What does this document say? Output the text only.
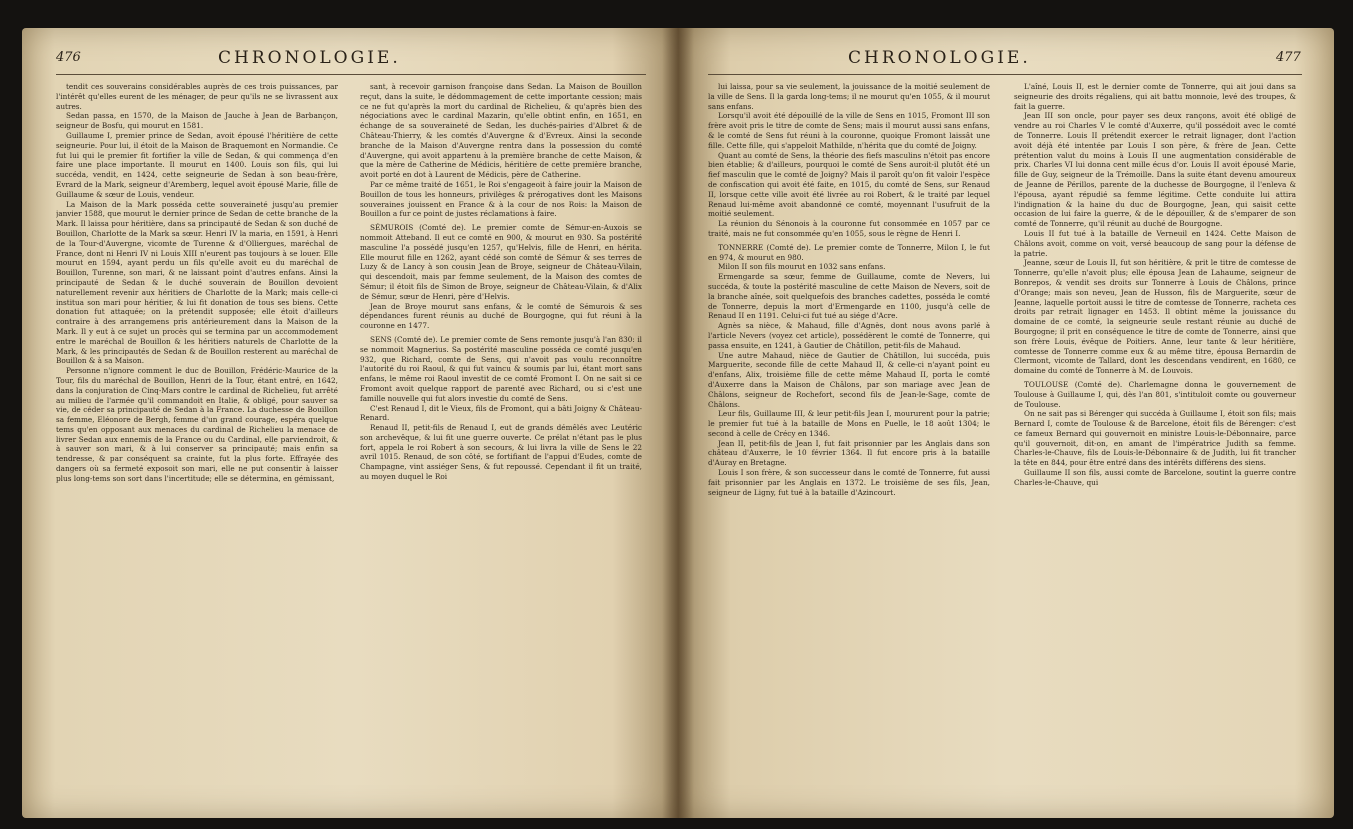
476	CHRONOLOGIE.

tendit ces souverains considérables auprès de ces trois puissances, par l'intérêt qu'elles eurent de les ménager, de peur qu'ils ne se livrassent aux autres.

Sedan passa, en 1570, de la Maison de Jauche à Jean de Barbançon, seigneur de Bosfu, qui mourut en 1581.

Guillaume I, premier prince de Sedan, avoit épousé l'héritière de cette seigneurie. Pour lui, il étoit de la Maison de Braquemont en Normandie. Ce fut lui qui le premier fit fortifier la ville de Sedan, & qui commença d'en faire une place importante. Il mourut en 1400. Louis son fils, qui lui succéda, vendit, en 1424, cette seigneurie de Sedan à son beau-frère, Evrard de la Mark, seigneur d'Aremberg, lequel avoit épousé Marie, fille de Guillaume & sœur de Louis, vendeur.

La Maison de la Mark posséda cette souveraineté jusqu'au premier janvier 1588, que mourut le dernier prince de Sedan de cette branche de la Mark. Il laissa pour héritière, dans sa principauté de Sedan & son duché de Bouillon, Charlotte de la Mark sa sœur. Henri IV la maria, en 1591, à Henri de la Tour-d'Auvergne, vicomte de Turenne & d'Olliergues, maréchal de France, dont ni Henri IV ni Louis XIII n'eurent pas toujours à se louer. Elle mourut en 1594, ayant perdu un fils qu'elle avoit eu du maréchal de Bouillon, Turenne, son mari, & ne laissant point d'autres enfans. Ainsi la principauté de Sedan & le duché souverain de Bouillon devoient naturellement revenir aux héritiers de Charlotte de la Mark; mais celle-ci institua son mari pour héritier, & lui fit donation de tous ses biens. Cette donation fut attaquée; on la prétendit supposée; elle étoit d'ailleurs contraire à des arrangemens pris antérieurement dans la Maison de la Mark. Il y eut à ce sujet un procès qui se termina par un accommodement entre le maréchal de Bouillon & les héritiers naturels de Charlotte de la Mark, & les principautés de Sedan & de Bouillon resterent au maréchal de Bouillon & à sa Maison.

Personne n'ignore comment le duc de Bouillon, Frédéric-Maurice de la Tour, fils du maréchal de Bouillon, Henri de la Tour, étant entré, en 1642, dans la conjuration de Cinq-Mars contre le cardinal de Richelieu, fut arrêté au milieu de l'armée qu'il commandoit en Italie, & obligé, pour sauver sa vie, de céder sa principauté de Sedan à la France. La duchesse de Bouillon sa femme, Eléonore de Bergh, femme d'un grand courage, espéra quelque tems qu'en opposant aux menaces du cardinal de Richelieu la menace de livrer Sedan aux ennemis de la France ou du Cardinal, elle parviendroit, & à sauver son mari, & à lui conserver sa principauté; mais enfin sa tendresse, & par conséquent sa crainte, fut la plus forte. Effrayée des dangers où sa fermeté exposoit son mari, elle ne put consentir à laisser plus long-tems son sort dans l'incertitude; elle se détermina, en gémissant,

sant, à recevoir garnison françoise dans Sedan. La Maison de Bouillon reçut, dans la suite, le dédommagement de cette importante cession; mais ce ne fut qu'après la mort du cardinal de Richelieu, & qu'après bien des négociations avec le cardinal Mazarin, qu'elle obtint enfin, en 1651, en échange de sa souveraineté de Sedan, les duchés-pairies d'Albret & de Château-Thierry, & les comtés d'Auvergne & d'Evreux. Ainsi la seconde branche de la Maison d'Auvergne rentra dans la possession du comté d'Auvergne, qui avoit appartenu à la première branche de cette Maison, & que la mère de Catherine de Médicis, héritière de cette première branche, avoit porté en dot à Laurent de Médicis, père de Catherine.

Par ce même traité de 1651, le Roi s'engageoit à faire jouir la Maison de Bouillon de tous les honneurs, privilèges & prérogatives dont les Maisons souveraines jouissent en France & à la cour de nos Rois: la Maison de Bouillon a fur ce point de justes réclamations à faire.

SÉMUROIS (Comté de). Le premier comte de Sémur-en-Auxois se nommoit Atteband. Il eut ce comté en 900, & mourut en 930. Sa postérité masculine l'a possédé jusqu'en 1257, qu'Helvis, fille de Henri, en hérita. Elle mourut fille en 1262, ayant cédé son comté de Sémur & ses terres de Luzy & de Lancy à son cousin Jean de Broye, seigneur de Château-Vilain, qui descendoit, mais par femme seulement, de la Maison des comtes de Sémur; il étoit fils de Simon de Broye, seigneur de Château-Vilain, & d'Alix de Sémur, sœur de Henri, père d'Helvis.

Jean de Broye mourut sans enfans, & le comté de Sémurois & ses dépendances furent réunis au duché de Bourgogne, qui fut réuni à la couronne en 1477.

SENS (Comté de). Le premier comte de Sens remonte jusqu'à l'an 830: il se nommoit Magnerius. Sa postérité masculine posséda ce comté jusqu'en 932, que Richard, comte de Sens, qui n'avoit pas voulu reconnoître l'autorité du roi Raoul, & qui fut vaincu & soumis par lui, étant mort sans enfans, le même roi Raoul investit de ce comté Fromont I. On ne sait si ce Fromont avoit quelque rapport de parenté avec Richard, ou si c'est une famille nouvelle qui fut alors investie du comté de Sens.

C'est Renaud I, dit le Vieux, fils de Fromont, qui a bâti Joigny & Château-Renard.

Renaud II, petit-fils de Renaud I, eut de grands démêlés avec Leutéric son archevêque, & lui fit une guerre ouverte. Ce prélat n'étant pas le plus fort, appela le roi Robert à son secours, & lui livra la ville de Sens le 22 avril 1015. Renaud, de son côté, se fortifiant de l'appui d'Eudes, comte de Champagne, vint assiéger Sens, & fut repoussé. Cependant il fit un traité, au moyen duquel le Roi

CHRONOLOGIE.	477

lui laissa, pour sa vie seulement, la jouissance de la moitié seulement de la ville de Sens. Il la garda long-tems; il ne mourut qu'en 1055, & il mourut sans enfans.

Lorsqu'il avoit été dépouillé de la ville de Sens en 1015, Fromont III son frère avoit pris le titre de comte de Sens; mais il mourut aussi sans enfans, & le comté de Sens fut réuni à la couronne, quoique Fromont laissât une fille. Cette fille, qui s'appeloit Mathilde, n'hérita que du comté de Joigny.

Quant au comté de Sens, la théorie des fiefs masculins n'étoit pas encore bien établie; & d'ailleurs, pourquoi le comté de Sens auroit-il plutôt été un fief masculin que le comté de Joigny? Mais il paroît qu'on fit valoir l'espèce de confiscation qui avoit été faite, en 1015, du comté de Sens, sur Renaud II, lorsque cette ville avoit été livrée au roi Robert, & le traité par lequel Renaud lui-même avoit abandonné ce comté, moyennant l'usufruit de la moitié seulement.

La réunion du Sénonois à la couronne fut consommée en 1057 par ce traité, mais ne fut consommée qu'en 1055, sous le règne de Henri I.

TONNERRE (Comté de). Le premier comte de Tonnerre, Milon I, le fut en 974, & mourut en 980.

Milon II son fils mourut en 1032 sans enfans.

Ermengarde sa sœur, femme de Guillaume, comte de Nevers, lui succéda, & toute la postérité masculine de cette Maison de Nevers, soit de la branche aînée, soit quelquefois des branches cadettes, posséda le comté de Tonnerre, depuis la mort d'Ermengarde en 1100, jusqu'à celle de Renaud II en 1191. Celui-ci fut tué au siége d'Acre.

Agnès sa nièce, & Mahaud, fille d'Agnès, dont nous avons parlé à l'article Nevers (voyez cet article), possédèrent le comté de Tonnerre, qui passa ensuite, en 1241, à Gautier de Châtillon, petit-fils de Mahaud.

Une autre Mahaud, nièce de Gautier de Châtillon, lui succéda, puis Marguerite, seconde fille de cette Mahaud II, & celle-ci n'ayant point eu d'enfans, Alix, troisième fille de cette même Mahaud II, porta le comté d'Auxerre dans la Maison de Châlons, par son mariage avec Jean de Châlons, seigneur de Rochefort, second fils de Jean-le-Sage, comte de Châlons.

Leur fils, Guillaume III, & leur petit-fils Jean I, moururent pour la patrie; le premier fut tué à la bataille de Mons en Puelle, le 18 août 1304; le second à celle de Crécy en 1346.

Jean II, petit-fils de Jean I, fut fait prisonnier par les Anglais dans son château d'Auxerre, le 10 février 1364. Il fut encore pris à la bataille d'Auray en Bretagne.

Louis I son frère, & son successeur dans le comté de Tonnerre, fut aussi fait prisonnier par les Anglais en 1372. Le troisième de ses fils, Jean, seigneur de Ligny, fut tué à la bataille d'Azincourt.

L'aîné, Louis II, est le dernier comte de Tonnerre, qui ait joui dans sa seigneurie des droits régaliens, qui ait battu monnoie, levé des troupes, & fait la guerre.

Jean III son oncle, pour payer ses deux rançons, avoit été obligé de vendre au roi Charles V le comté d'Auxerre, qu'il possédoit avec le comté de Tonnerre. Louis II prétendit exercer le retrait lignager, dont l'action avoit déjà été intentée par Louis I son père, & frère de Jean. Cette prétention valut du moins à Louis II une augmentation considérable de prix. Charles VI lui donna cent mille écus d'or. Louis II avoit épousé Marie, fille de Guy, seigneur de la Trémoille. Dans la suite étant devenu amoureux de Jeanne de Périllos, parente de la duchesse de Bourgogne, il l'enleva & l'épousa, ayant répudié sa femme légitime. Cette conduite lui attira l'indignation & la haine du duc de Bourgogne, Jean, qui saisit cette occasion de lui faire la guerre, & de le dépouiller, & de s'emparer de son comté de Tonnerre, qu'il réunit au duché de Bourgogne.

Louis II fut tué à la bataille de Verneuil en 1424. Cette Maison de Châlons avoit, comme on voit, versé beaucoup de sang pour la défense de la patrie.

Jeanne, sœur de Louis II, fut son héritière, & prit le titre de comtesse de Tonnerre, qu'elle n'avoit plus; elle épousa Jean de Lahaume, seigneur de Bonrepos, & vendit ses droits sur Tonnerre à Louis de Châlons, prince d'Orange; mais son neveu, Jean de Husson, fils de Marguerite, sœur de Jeanne, laquelle portoit aussi le titre de comtesse de Tonnerre, racheta ces droits par retrait lignager en 1453. Il obtint même la jouissance du domaine de ce comté, la seigneurie seule restant réunie au duché de Bourgogne; il prit en conséquence le titre de comte de Tonnerre, ainsi que son frère Louis, évêque de Poitiers. Anne, leur tante & leur héritière, comtesse de Tonnerre comme eux & au même titre, épousa Bernardin de Clermont, vicomte de Tallard, dont les descendans vendirent, en 1680, ce domaine du comté de Tonnerre à M. de Louvois.

TOULOUSE (Comté de). Charlemagne donna le gouvernement de Toulouse à Guillaume I, qui, dès l'an 801, s'intituloit comte ou gouverneur de Toulouse.

On ne sait pas si Bérenger qui succéda à Guillaume I, étoit son fils; mais Bernard I, comte de Toulouse & de Barcelone, étoit fils de Bérenger: c'est ce fameux Bernard qui gouvernoit en ministre Louis-le-Débonnaire, parce qu'il gouvernoit, dit-on, en amant de l'impératrice Judith sa femme. Charles-le-Chauve, fils de Louis-le-Débonnaire & de Judith, lui fit trancher la tête en 844, pour être entré dans des intérêts différens des siens.

Guillaume II son fils, aussi comte de Barcelone, soutint la guerre contre Charles-le-Chauve, qui
